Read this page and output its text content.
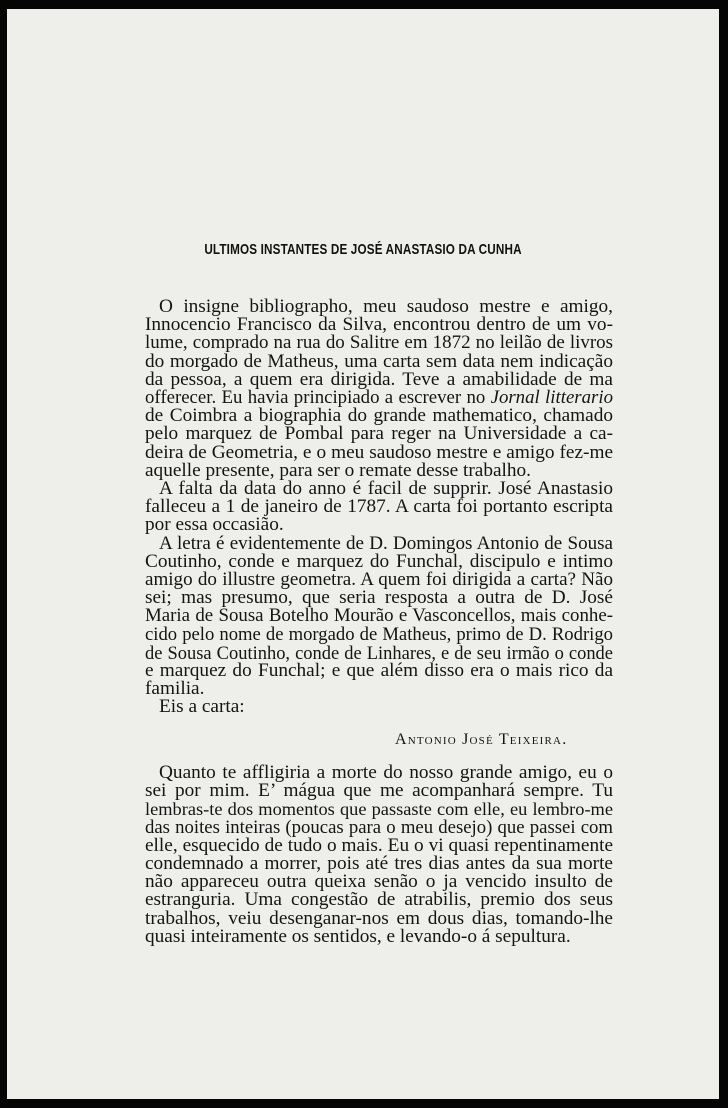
ULTIMOS INSTANTES DE JOSÉ ANASTASIO DA CUNHA
O insigne bibliographo, meu saudoso mestre e amigo,
Innocencio Francisco da Silva, encontrou dentro de um vo-
lume, comprado na rua do Salitre em 1872 no leilão de livros
do morgado de Matheus, uma carta sem data nem indicação
da pessoa, a quem era dirigida. Teve a amabilidade de ma
offerecer. Eu havia principiado a escrever no Jornal litterario
de Coimbra a biographia do grande mathematico, chamado
pelo marquez de Pombal para reger na Universidade a ca-
deira de Geometria, e o meu saudoso mestre e amigo fez-me
aquelle presente, para ser o remate desse trabalho.
A falta da data do anno é facil de supprir. José Anastasio
falleceu a 1 de janeiro de 1787. A carta foi portanto escripta
por essa occasião.
A letra é evidentemente de D. Domingos Antonio de Sousa
Coutinho, conde e marquez do Funchal, discipulo e intimo
amigo do illustre geometra. A quem foi dirigida a carta? Não
sei; mas presumo, que seria resposta a outra de D. José
Maria de Sousa Botelho Mourão e Vasconcellos, mais conhe-
cido pelo nome de morgado de Matheus, primo de D. Rodrigo
de Sousa Coutinho, conde de Linhares, e de seu irmão o conde
e marquez do Funchal; e que além disso era o mais rico da
familia.
Eis a carta:
Antonio José Teixeira.
Quanto te affligiria a morte do nosso grande amigo, eu o
sei por mim. E’ mágua que me acompanhará sempre. Tu
lembras-te dos momentos que passaste com elle, eu lembro-me
das noites inteiras (poucas para o meu desejo) que passei com
elle, esquecido de tudo o mais. Eu o vi quasi repentinamente
condemnado a morrer, pois até tres dias antes da sua morte
não appareceu outra queixa senão o ja vencido insulto de
estranguria. Uma congestão de atrabilis, premio dos seus
trabalhos, veiu desenganar-nos em dous dias, tomando-lhe
quasi inteiramente os sentidos, e levando-o á sepultura.
